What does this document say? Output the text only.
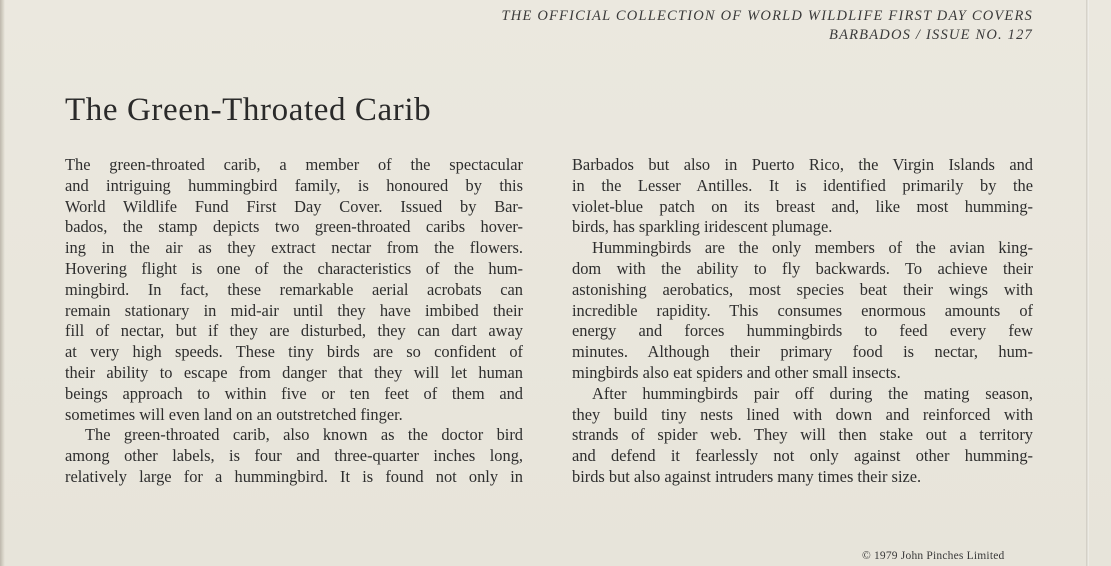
THE OFFICIAL COLLECTION OF WORLD WILDLIFE FIRST DAY COVERS
BARBADOS / ISSUE NO. 127
The Green-Throated Carib
The green-throated carib, a member of the spectacular
and intriguing hummingbird family, is honoured by this
World Wildlife Fund First Day Cover. Issued by Bar-
bados, the stamp depicts two green-throated caribs hover-
ing in the air as they extract nectar from the flowers.
Hovering flight is one of the characteristics of the hum-
mingbird. In fact, these remarkable aerial acrobats can
remain stationary in mid-air until they have imbibed their
fill of nectar, but if they are disturbed, they can dart away
at very high speeds. These tiny birds are so confident of
their ability to escape from danger that they will let human
beings approach to within five or ten feet of them and
sometimes will even land on an outstretched finger.
The green-throated carib, also known as the doctor bird
among other labels, is four and three-quarter inches long,
relatively large for a hummingbird. It is found not only in
Barbados but also in Puerto Rico, the Virgin Islands and
in the Lesser Antilles. It is identified primarily by the
violet-blue patch on its breast and, like most humming-
birds, has sparkling iridescent plumage.
Hummingbirds are the only members of the avian king-
dom with the ability to fly backwards. To achieve their
astonishing aerobatics, most species beat their wings with
incredible rapidity. This consumes enormous amounts of
energy and forces hummingbirds to feed every few
minutes. Although their primary food is nectar, hum-
mingbirds also eat spiders and other small insects.
After hummingbirds pair off during the mating season,
they build tiny nests lined with down and reinforced with
strands of spider web. They will then stake out a territory
and defend it fearlessly not only against other humming-
birds but also against intruders many times their size.
© 1979 John Pinches Limited
